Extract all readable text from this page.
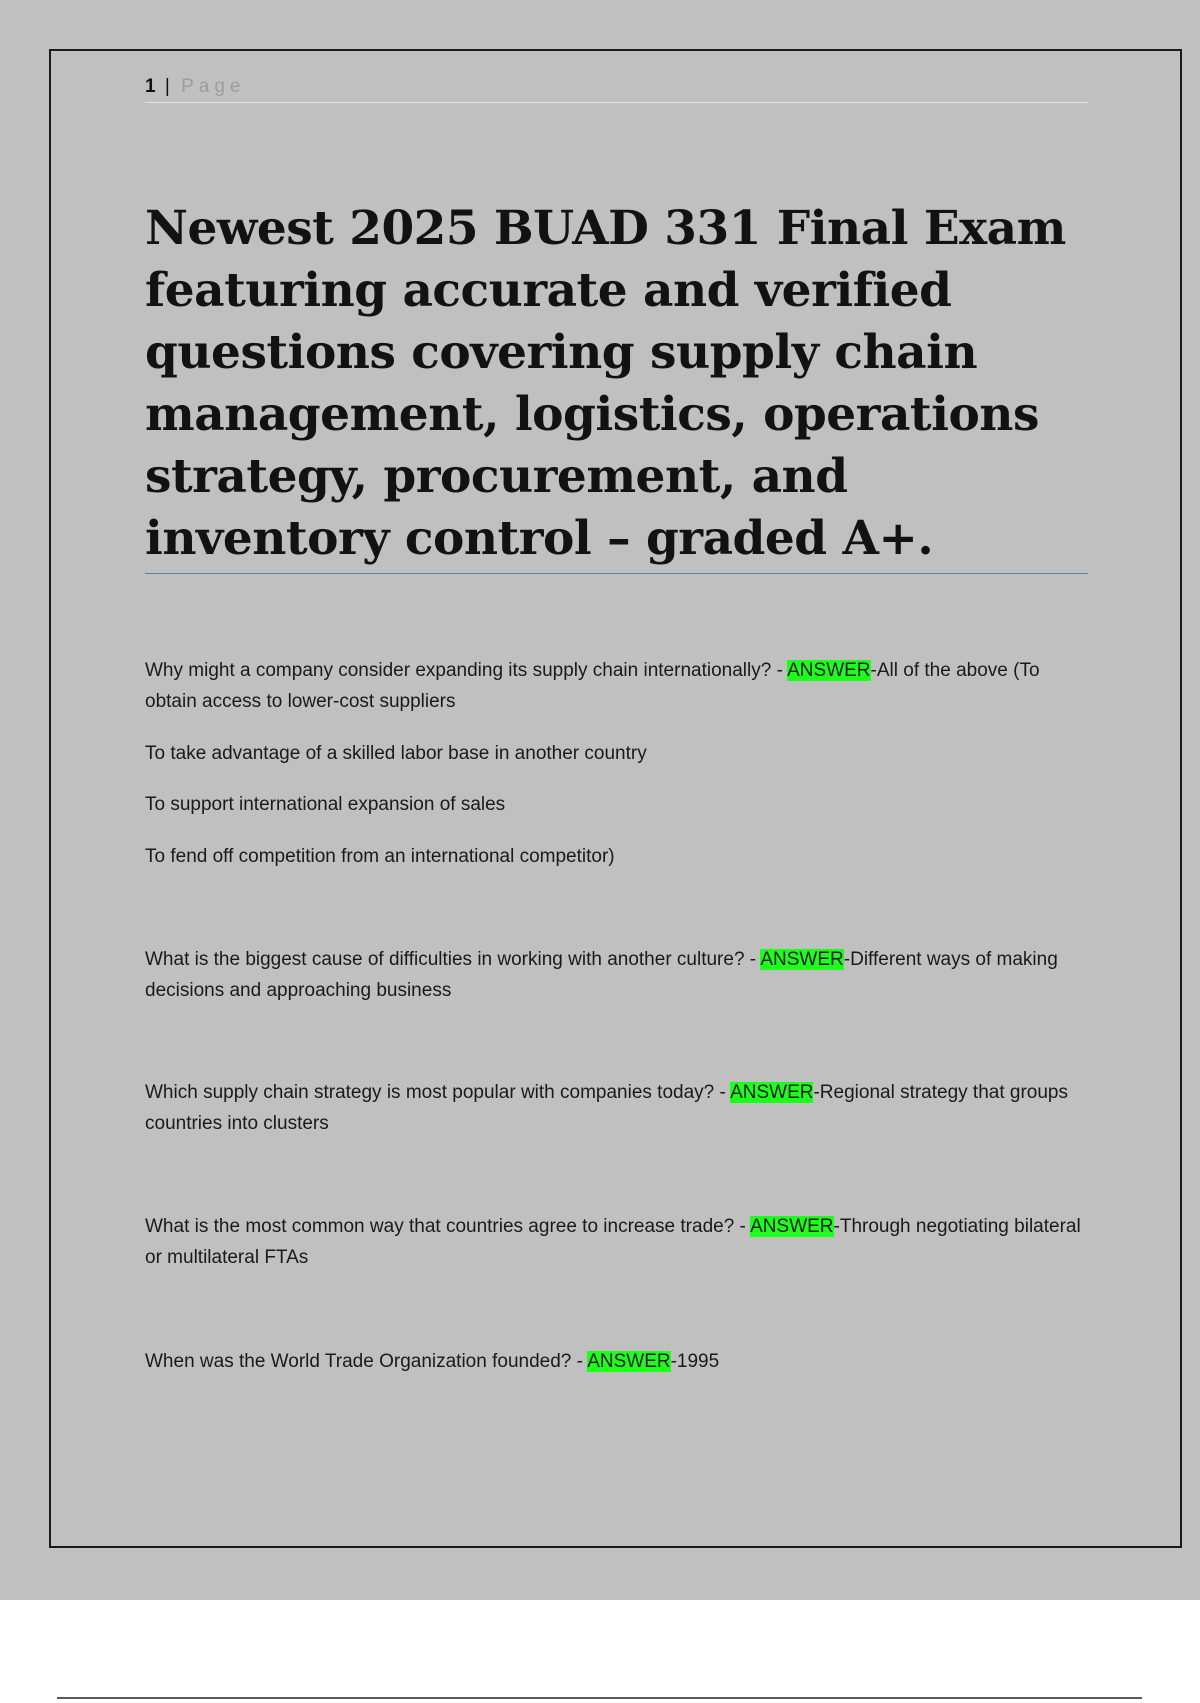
1 | Page
Newest 2025 BUAD 331 Final Exam featuring accurate and verified questions covering supply chain management, logistics, operations strategy, procurement, and inventory control – graded A+.

Why might a company consider expanding its supply chain internationally? - ANSWER-All of the above (To obtain access to lower-cost suppliers

To take advantage of a skilled labor base in another country

To support international expansion of sales

To fend off competition from an international competitor)

What is the biggest cause of difficulties in working with another culture? - ANSWER-Different ways of making decisions and approaching business

Which supply chain strategy is most popular with companies today? - ANSWER-Regional strategy that groups countries into clusters

What is the most common way that countries agree to increase trade? - ANSWER-Through negotiating bilateral or multilateral FTAs

When was the World Trade Organization founded? - ANSWER-1995
